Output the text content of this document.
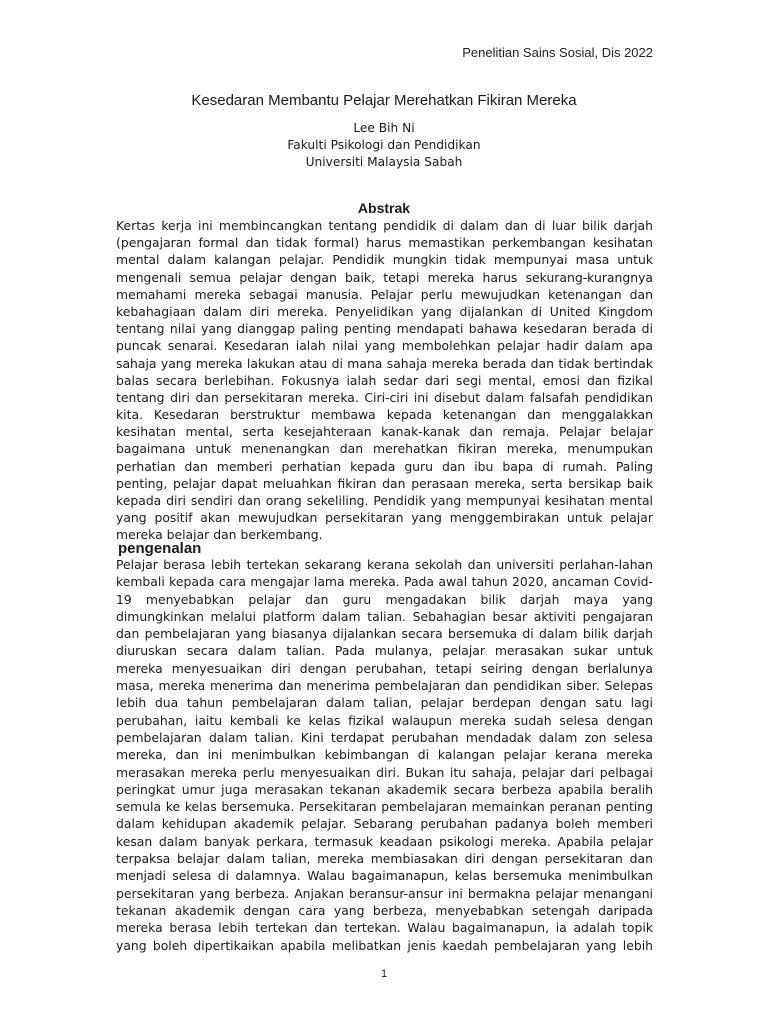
Penelitian Sains Sosial, Dis 2022
Kesedaran Membantu Pelajar Merehatkan Fikiran Mereka
Lee Bih Ni
Fakulti Psikologi dan Pendidikan
Universiti Malaysia Sabah
Abstrak
Kertas kerja ini membincangkan tentang pendidik di dalam dan di luar bilik darjah
(pengajaran formal dan tidak formal) harus memastikan perkembangan kesihatan
mental dalam kalangan pelajar. Pendidik mungkin tidak mempunyai masa untuk
mengenali semua pelajar dengan baik, tetapi mereka harus sekurang-kurangnya
memahami mereka sebagai manusia. Pelajar perlu mewujudkan ketenangan dan
kebahagiaan dalam diri mereka. Penyelidikan yang dijalankan di United Kingdom
tentang nilai yang dianggap paling penting mendapati bahawa kesedaran berada di
puncak senarai. Kesedaran ialah nilai yang membolehkan pelajar hadir dalam apa
sahaja yang mereka lakukan atau di mana sahaja mereka berada dan tidak bertindak
balas secara berlebihan. Fokusnya ialah sedar dari segi mental, emosi dan fizikal
tentang diri dan persekitaran mereka. Ciri-ciri ini disebut dalam falsafah pendidikan
kita. Kesedaran berstruktur membawa kepada ketenangan dan menggalakkan
kesihatan mental, serta kesejahteraan kanak-kanak dan remaja. Pelajar belajar
bagaimana untuk menenangkan dan merehatkan fikiran mereka, menumpukan
perhatian dan memberi perhatian kepada guru dan ibu bapa di rumah. Paling
penting, pelajar dapat meluahkan fikiran dan perasaan mereka, serta bersikap baik
kepada diri sendiri dan orang sekeliling. Pendidik yang mempunyai kesihatan mental
yang positif akan mewujudkan persekitaran yang menggembirakan untuk pelajar
mereka belajar dan berkembang.
pengenalan
Pelajar berasa lebih tertekan sekarang kerana sekolah dan universiti perlahan-lahan
kembali kepada cara mengajar lama mereka. Pada awal tahun 2020, ancaman Covid-
19 menyebabkan pelajar dan guru mengadakan bilik darjah maya yang
dimungkinkan melalui platform dalam talian. Sebahagian besar aktiviti pengajaran
dan pembelajaran yang biasanya dijalankan secara bersemuka di dalam bilik darjah
diuruskan secara dalam talian. Pada mulanya, pelajar merasakan sukar untuk
mereka menyesuaikan diri dengan perubahan, tetapi seiring dengan berlalunya
masa, mereka menerima dan menerima pembelajaran dan pendidikan siber. Selepas
lebih dua tahun pembelajaran dalam talian, pelajar berdepan dengan satu lagi
perubahan, iaitu kembali ke kelas fizikal walaupun mereka sudah selesa dengan
pembelajaran dalam talian. Kini terdapat perubahan mendadak dalam zon selesa
mereka, dan ini menimbulkan kebimbangan di kalangan pelajar kerana mereka
merasakan mereka perlu menyesuaikan diri. Bukan itu sahaja, pelajar dari pelbagai
peringkat umur juga merasakan tekanan akademik secara berbeza apabila beralih
semula ke kelas bersemuka. Persekitaran pembelajaran memainkan peranan penting
dalam kehidupan akademik pelajar. Sebarang perubahan padanya boleh memberi
kesan dalam banyak perkara, termasuk keadaan psikologi mereka. Apabila pelajar
terpaksa belajar dalam talian, mereka membiasakan diri dengan persekitaran dan
menjadi selesa di dalamnya. Walau bagaimanapun, kelas bersemuka menimbulkan
persekitaran yang berbeza. Anjakan beransur-ansur ini bermakna pelajar menangani
tekanan akademik dengan cara yang berbeza, menyebabkan setengah daripada
mereka berasa lebih tertekan dan tertekan. Walau bagaimanapun, ia adalah topik
yang boleh dipertikaikan apabila melibatkan jenis kaedah pembelajaran yang lebih
1
